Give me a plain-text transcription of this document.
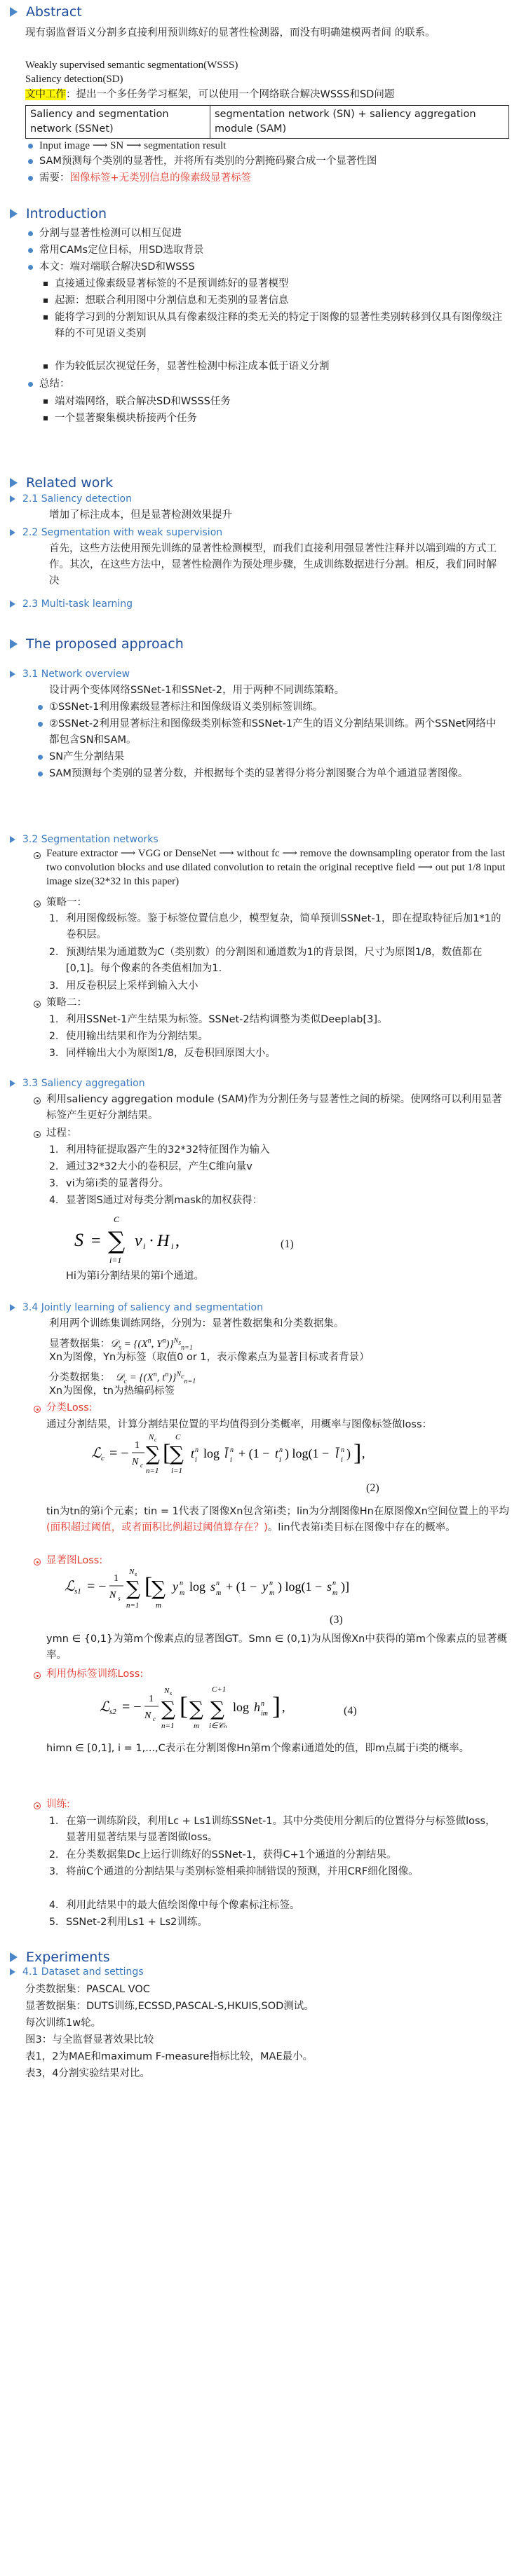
Abstract
现有弱监督语义分割多直接利用预训练好的显著性检测器，而没有明确建模两者间 的联系。
Weakly supervised semantic segmentation(WSSS)
Saliency detection(SD)
文中工作：提出一个多任务学习框架，可以使用一个网络联合解决WSSS和SD问题
Saliency and segmentation network (SSNet)	segmentation network (SN) + saliency aggregation module (SAM)
Input image ⟶ SN ⟶ segmentation result
SAM预测每个类别的显著性，并将所有类别的分割掩码聚合成一个显著性图
需要：图像标签+无类别信息的像素级显著标签
Introduction
分割与显著性检测可以相互促进
常用CAMs定位目标，用SD选取背景
本文：端对端联合解决SD和WSSS
直接通过像素级显著标签的不是预训练好的显著模型
起源：想联合利用图中分割信息和无类别的显著信息
能将学习到的分割知识从具有像素级注释的类无关的特定于图像的显著性类别转移到仅具有图像级注释的不可见语义类别
作为较低层次视觉任务，显著性检测中标注成本低于语义分割
总结：
端对端网络，联合解决SD和WSSS任务
一个显著聚集模块桥接两个任务
Related work
2.1 Saliency detection
增加了标注成本，但是显著检测效果提升
2.2 Segmentation with weak supervision
首先，这些方法使用预先训练的显著性检测模型，而我们直接利用强显著性注释并以端到端的方式工作。其次，在这些方法中，显著性检测作为预处理步骤，生成训练数据进行分割。相反，我们同时解决
2.3 Multi-task learning
The proposed approach
3.1 Network overview
设计两个变体网络SSNet-1和SSNet-2，用于两种不同训练策略。
①SSNet-1利用像素级显著标注和图像级语义类别标签训练。
②SSNet-2利用显著标注和图像级类别标签和SSNet-1产生的语义分割结果训练。两个SSNet网络中都包含SN和SAM。
SN产生分割结果
SAM预测每个类别的显著分数，并根据每个类的显著得分将分割图聚合为单个通道显著图像。
3.2 Segmentation networks
Feature extractor ⟶ VGG or DenseNet ⟶ without fc ⟶ remove the downsampling operator from the last two convolution blocks and use dilated convolution to retain the original receptive field ⟶ out put 1/8 input image size(32*32 in this paper)
策略一：
1. 利用图像级标签。鉴于标签位置信息少，模型复杂，简单预训SSNet-1，即在提取特征后加1*1的卷积层。
2. 预测结果为通道数为C（类别数）的分割图和通道数为1的背景图，尺寸为原图1/8，数值都在[0,1]。每个像素的各类值相加为1.
3. 用反卷积层上采样到输入大小
策略二：
1. 利用SSNet-1产生结果为标签。SSNet-2结构调整为类似Deeplab[3]。
2. 使用输出结果和作为分割结果。
3. 同样输出大小为原图1/8，反卷积回原图大小。
3.3 Saliency aggregation
利用saliency aggregation module (SAM)作为分割任务与显著性之间的桥梁。使网络可以利用显著标签产生更好分割结果。
过程：
1. 利用特征提取器产生的32*32特征图作为输入
2. 通过32*32大小的卷积层，产生C维向量v
3. vi为第i类的显著得分。
4. 显著图S通过对每类分割mask的加权获得：
S =
C
∑
i=1
v i · H i ,	(1)
Hi为第i分割结果的第i个通道。
3.4 Jointly learning of saliency and segmentation
利用两个训练集训练网络，分别为：显著性数据集和分类数据集。
显著数据集：𝒟$_s$ = {($X^n$, $Y^n)\}^{N_s}_{n=1}$
Xn为图像，Yn为标签（取值0 or 1，表示像素点为显著目标或者背景）
分类数据集：  𝒟$_c$ = {($X^n$, $t^n)\}^{N_c}_{n=1}$
Xn为图像，tn为热编码标签
分类Loss:
通过分割结果，计算分割结果位置的平均值得到分类概率，用概率与图像标签做loss：
ℒ c = −
1
N c
N c
∑
n=1
[
C
∑
i=1
t n
i log l̄ n
i + (1 − t n
i ) log(1 − l̄ n
i ) ] ,
(2)
tin为tn的第i个元素；tin = 1代表了图像Xn包含第i类；lin为分割图像Hn在原图像Xn空间位置上的平均(面积超过阈值，或者面积比例超过阈值算存在？)。lin代表第i类目标在图像中存在的概率。
显著图Loss:
ℒ s1 = −
1
N s
N s
∑
n=1
[
∑
m
y n
m log s n
m + (1 − y n
m ) log(1 − s n
m )]
(3)
ymn ∈ {0,1}为第m个像素点的显著图GT。Smn ∈ (0,1)为从图像Xn中获得的第m个像素点的显著概率。
利用伪标签训练Loss:
ℒ s2 = −
1
N c
N s
∑
n=1
[ ∑
m
C+1
∑
i∈𝒞ₙ
log h n
im ] ,	(4)
himn ∈ [0,1], i = 1,...,C表示在分割图像Hn第m个像素i通道处的值，即m点属于i类的概率。
训练:
1. 在第一训练阶段，利用Lc + Ls1训练SSNet-1。其中分类使用分割后的位置得分与标签做loss，显著用显著结果与显著图做loss。
2. 在分类数据集Dc上运行训练好的SSNet-1，获得C+1个通道的分割结果。
3. 将前C个通道的分割结果与类别标签相乘抑制错误的预测，并用CRF细化图像。
4. 利用此结果中的最大值绘图像中每个像素标注标签。
5. SSNet-2利用Ls1 + Ls2训练。
Experiments
4.1 Dataset and settings
分类数据集：PASCAL VOC
显著数据集：DUTS训练,ECSSD,PASCAL-S,HKUIS,SOD测试。
每次训练1w轮。
图3：与全监督显著效果比较
表1，2为MAE和maximum F-measure指标比较，MAE最小。
表3，4分割实验结果对比。
